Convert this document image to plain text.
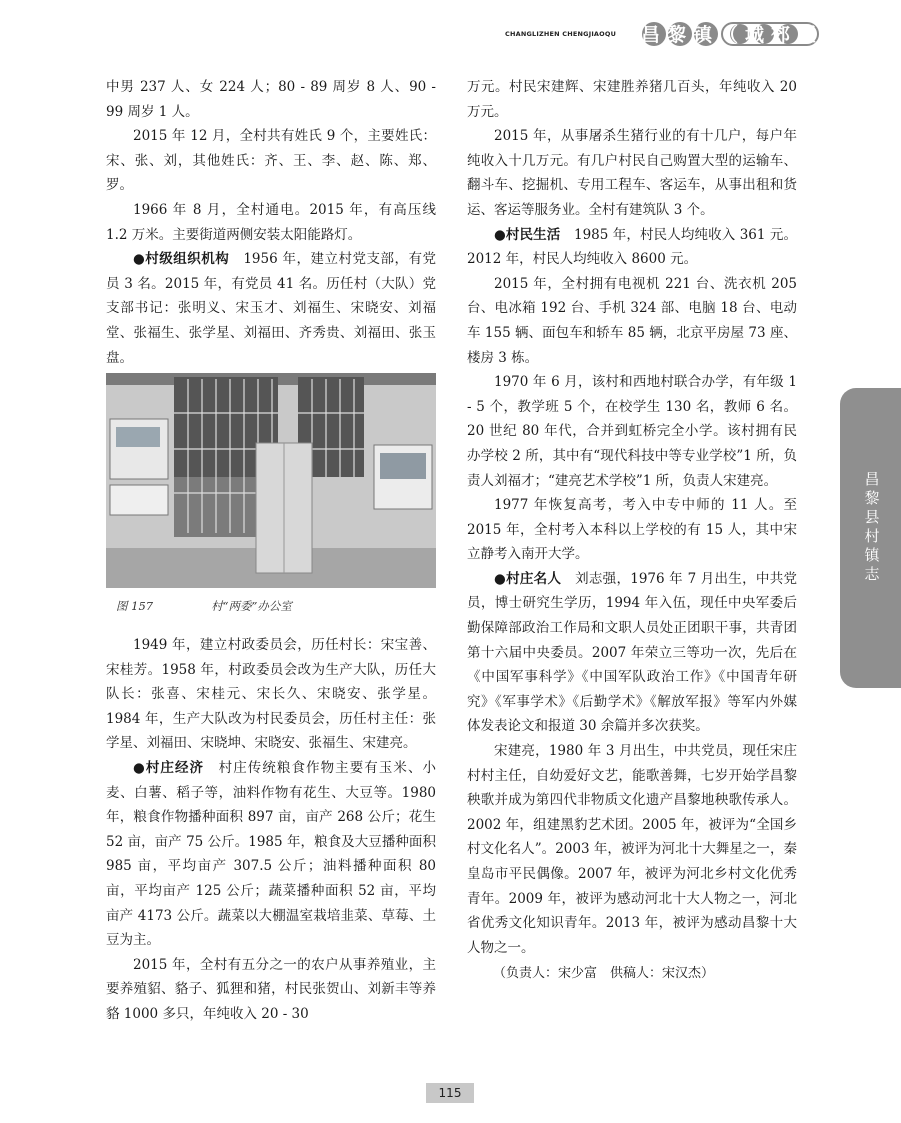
CHANGLIZHEN CHENGJIAOQU 昌黎镇（城郊区）

中男 237 人、女 224 人；80 - 89 周岁 8 人、90 - 99 周岁 1 人。

2015 年 12 月，全村共有姓氏 9 个，主要姓氏：宋、张、刘，其他姓氏：齐、王、李、赵、陈、郑、罗。

1966 年 8 月，全村通电。2015 年，有高压线 1.2 万米。主要街道两侧安装太阳能路灯。

●村级组织机构　 1956 年，建立村党支部，有党员 3 名。2015 年，有党员 41 名。历任村（大队）党支部书记：张明义、宋玉才、刘福生、宋晓安、刘福堂、张福生、张学星、刘福田、齐秀贵、刘福田、张玉盘。

图 157	村“两委”办公室

1949 年，建立村政委员会，历任村长：宋宝善、宋桂芳。1958 年，村政委员会改为生产大队，历任大队长：张喜、宋桂元、宋长久、宋晓安、张学星。1984 年，生产大队改为村民委员会，历任村主任：张学星、刘福田、宋晓坤、宋晓安、张福生、宋建亮。

●村庄经济　 村庄传统粮食作物主要有玉米、小麦、白薯、稻子等，油料作物有花生、大豆等。1980 年，粮食作物播种面积 897 亩，亩产 268 公斤；花生 52 亩，亩产 75 公斤。1985 年，粮食及大豆播种面积 985 亩，平均亩产 307.5 公斤；油料播种面积 80 亩，平均亩产 125 公斤；蔬菜播种面积 52 亩，平均亩产 4173 公斤。蔬菜以大棚温室栽培韭菜、草莓、土豆为主。

2015 年，全村有五分之一的农户从事养殖业，主要养殖貂、貉子、狐狸和猪，村民张贺山、刘新丰等养貉 1000 多只，年纯收入 20 - 30

万元。村民宋建辉、宋建胜养猪几百头，年纯收入 20 万元。

2015 年，从事屠杀生猪行业的有十几户，每户年纯收入十几万元。有几户村民自己购置大型的运输车、翻斗车、挖掘机、专用工程车、客运车，从事出租和货运、客运等服务业。全村有建筑队 3 个。

●村民生活　 1985 年，村民人均纯收入 361 元。2012 年，村民人均纯收入 8600 元。

2015 年，全村拥有电视机 221 台、洗衣机 205 台、电冰箱 192 台、手机 324 部、电脑 18 台、电动车 155 辆、面包车和轿车 85 辆，北京平房屋 73 座、楼房 3 栋。

1970 年 6 月，该村和西地村联合办学，有年级 1 - 5 个，教学班 5 个，在校学生 130 名，教师 6 名。20 世纪 80 年代，合并到虹桥完全小学。该村拥有民办学校 2 所，其中有“现代科技中等专业学校”1 所，负责人刘福才；“建亮艺术学校”1 所，负责人宋建亮。

1977 年恢复高考，考入中专中师的 11 人。至 2015 年，全村考入本科以上学校的有 15 人，其中宋立静考入南开大学。

●村庄名人　 刘志强，1976 年 7 月出生，中共党员，博士研究生学历，1994 年入伍，现任中央军委后勤保障部政治工作局和文职人员处正团职干事，共青团第十六届中央委员。2007 年荣立三等功一次，先后在《中国军事科学》《中国军队政治工作》《中国青年研究》《军事学术》《后勤学术》《解放军报》等军内外媒体发表论文和报道 30 余篇并多次获奖。

宋建亮，1980 年 3 月出生，中共党员，现任宋庄村村主任，自幼爱好文艺，能歌善舞，七岁开始学昌黎秧歌并成为第四代非物质文化遗产昌黎地秧歌传承人。2002 年，组建黑豹艺术团。2005 年，被评为“全国乡村文化名人”。2003 年，被评为河北十大舞星之一，秦皇岛市平民偶像。2007 年，被评为河北乡村文化优秀青年。2009 年，被评为感动河北十大人物之一，河北省优秀文化知识青年。2013 年，被评为感动昌黎十大人物之一。

（负责人：宋少富　供稿人：宋汉杰）

昌黎县村镇志
115
